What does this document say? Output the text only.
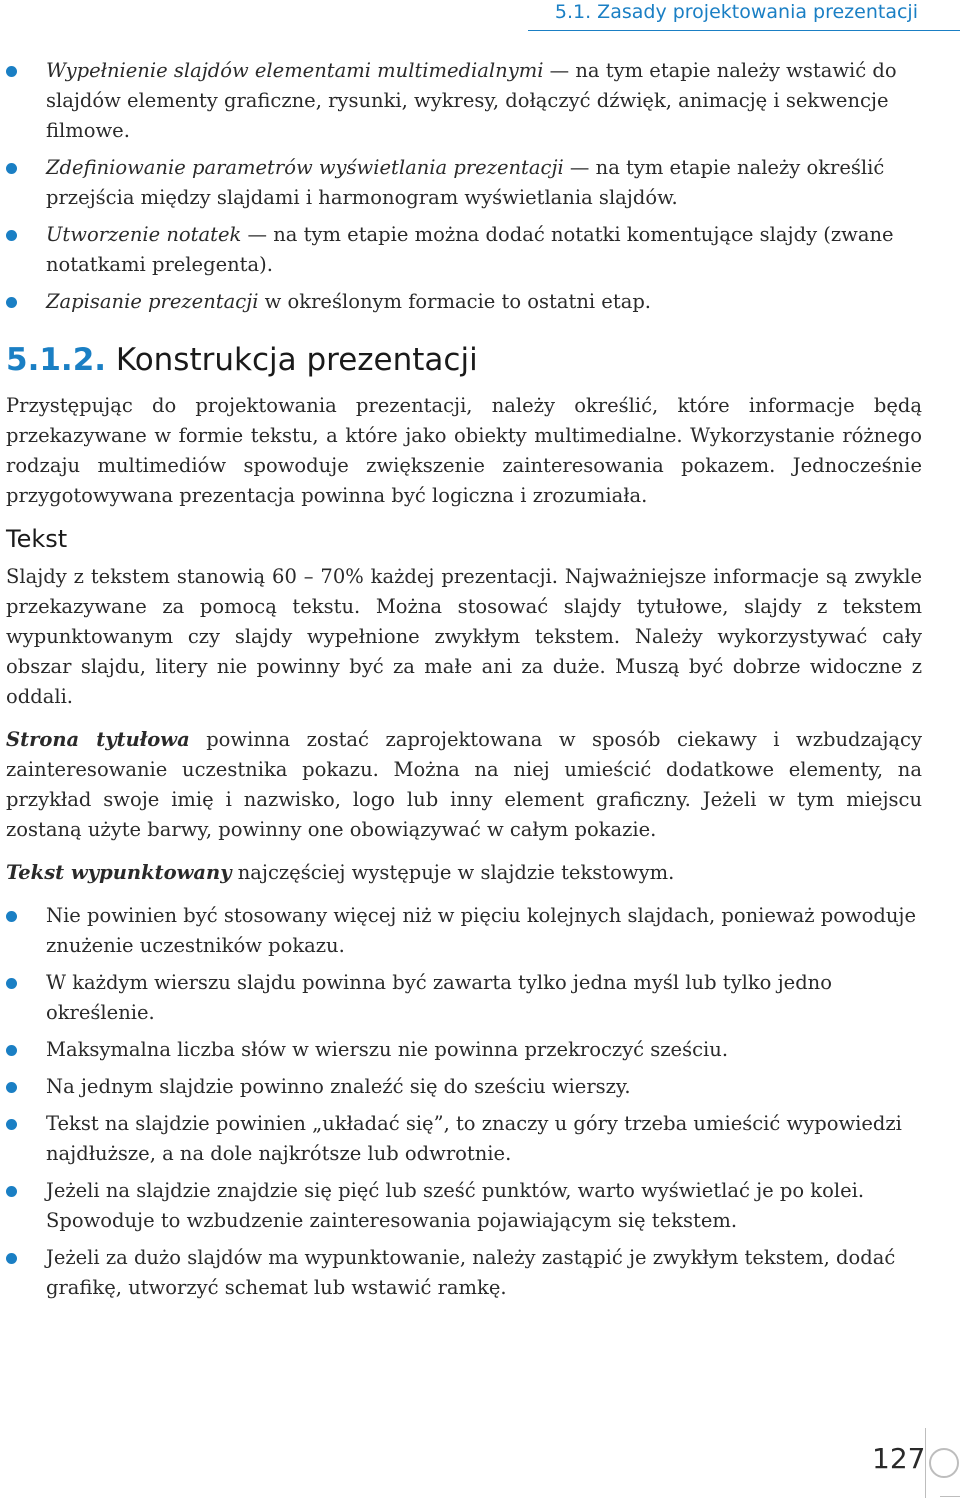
5.1. Zasady projektowania prezentacji
Wypełnienie slajdów elementami multimedialnymi — na tym etapie należy wstawić do slajdów elementy graficzne, rysunki, wykresy, dołączyć dźwięk, animację i sekwencje filmowe.
Zdefiniowanie parametrów wyświetlania prezentacji — na tym etapie należy określić przejścia między slajdami i harmonogram wyświetlania slajdów.
Utworzenie notatek — na tym etapie można dodać notatki komentujące slajdy (zwane notatkami prelegenta).
Zapisanie prezentacji w określonym formacie to ostatni etap.
5.1.2. Konstrukcja prezentacji

Przystępując do projektowania prezentacji, należy określić, które informacje będą przekazywane w formie tekstu, a które jako obiekty multimedialne. Wykorzystanie różnego rodzaju multimediów spowoduje zwiększenie zainteresowania pokazem. Jednocześnie przygotowywana prezentacja powinna być logiczna i zrozumiała.

Tekst

Slajdy z tekstem stanowią 60 – 70% każdej prezentacji. Najważniejsze informacje są zwykle przekazywane za pomocą tekstu. Można stosować slajdy tytułowe, slajdy z tekstem wypunktowanym czy slajdy wypełnione zwykłym tekstem. Należy wykorzystywać cały obszar slajdu, litery nie powinny być za małe ani za duże. Muszą być dobrze widoczne z oddali.

Strona tytułowa powinna zostać zaprojektowana w sposób ciekawy i wzbudzający zainteresowanie uczestnika pokazu. Można na niej umieścić dodatkowe elementy, na przykład swoje imię i nazwisko, logo lub inny element graficzny. Jeżeli w tym miejscu zostaną użyte barwy, powinny one obowiązywać w całym pokazie.

Tekst wypunktowany najczęściej występuje w slajdzie tekstowym.

Nie powinien być stosowany więcej niż w pięciu kolejnych slajdach, ponieważ powoduje znużenie uczestników pokazu.
W każdym wierszu slajdu powinna być zawarta tylko jedna myśl lub tylko jedno określenie.
Maksymalna liczba słów w wierszu nie powinna przekroczyć sześciu.
Na jednym slajdzie powinno znaleźć się do sześciu wierszy.
Tekst na slajdzie powinien „układać się”, to znaczy u góry trzeba umieścić wypowiedzi najdłuższe, a na dole najkrótsze lub odwrotnie.
Jeżeli na slajdzie znajdzie się pięć lub sześć punktów, warto wyświetlać je po kolei. Spowoduje to wzbudzenie zainteresowania pojawiającym się tekstem.
Jeżeli za dużo slajdów ma wypunktowanie, należy zastąpić je zwykłym tekstem, dodać grafikę, utworzyć schemat lub wstawić ramkę.
127
